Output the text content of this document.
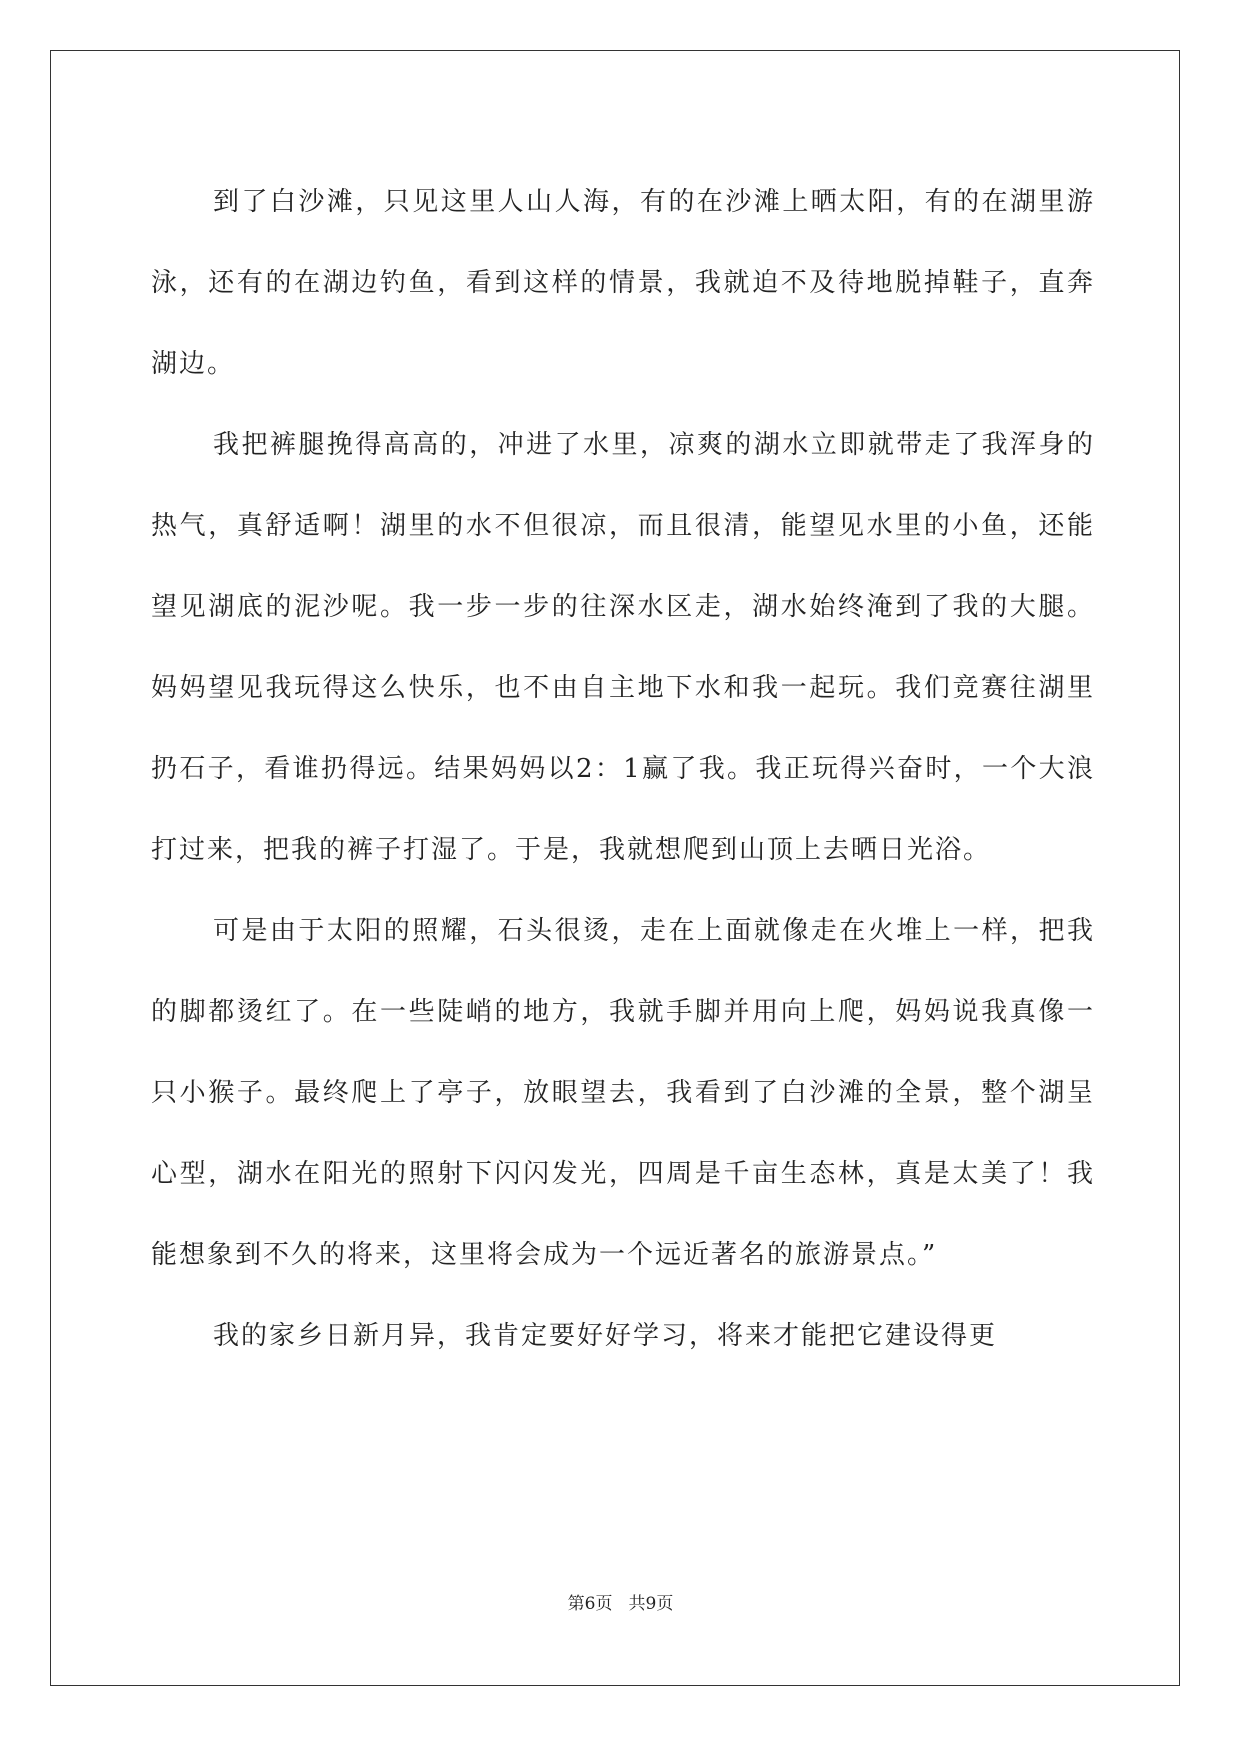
到了白沙滩，只见这里人山人海，有的在沙滩上晒太阳，有的在湖里游泳，还有的在湖边钓鱼，看到这样的情景，我就迫不及待地脱掉鞋子，直奔湖边。

我把裤腿挽得高高的，冲进了水里，凉爽的湖水立即就带走了我浑身的热气，真舒适啊！湖里的水不但很凉，而且很清，能望见水里的小鱼，还能望见湖底的泥沙呢。我一步一步的往深水区走，湖水始终淹到了我的大腿。妈妈望见我玩得这么快乐，也不由自主地下水和我一起玩。我们竞赛往湖里扔石子，看谁扔得远。结果妈妈以2：1赢了我。我正玩得兴奋时，一个大浪打过来，把我的裤子打湿了。于是，我就想爬到山顶上去晒日光浴。

可是由于太阳的照耀，石头很烫，走在上面就像走在火堆上一样，把我的脚都烫红了。在一些陡峭的地方，我就手脚并用向上爬，妈妈说我真像一只小猴子。最终爬上了亭子，放眼望去，我看到了白沙滩的全景，整个湖呈心型，湖水在阳光的照射下闪闪发光，四周是千亩生态林，真是太美了！我能想象到不久的将来，这里将会成为一个远近著名的旅游景点。”

我的家乡日新月异，我肯定要好好学习，将来才能把它建设得更

第6页 共9页
